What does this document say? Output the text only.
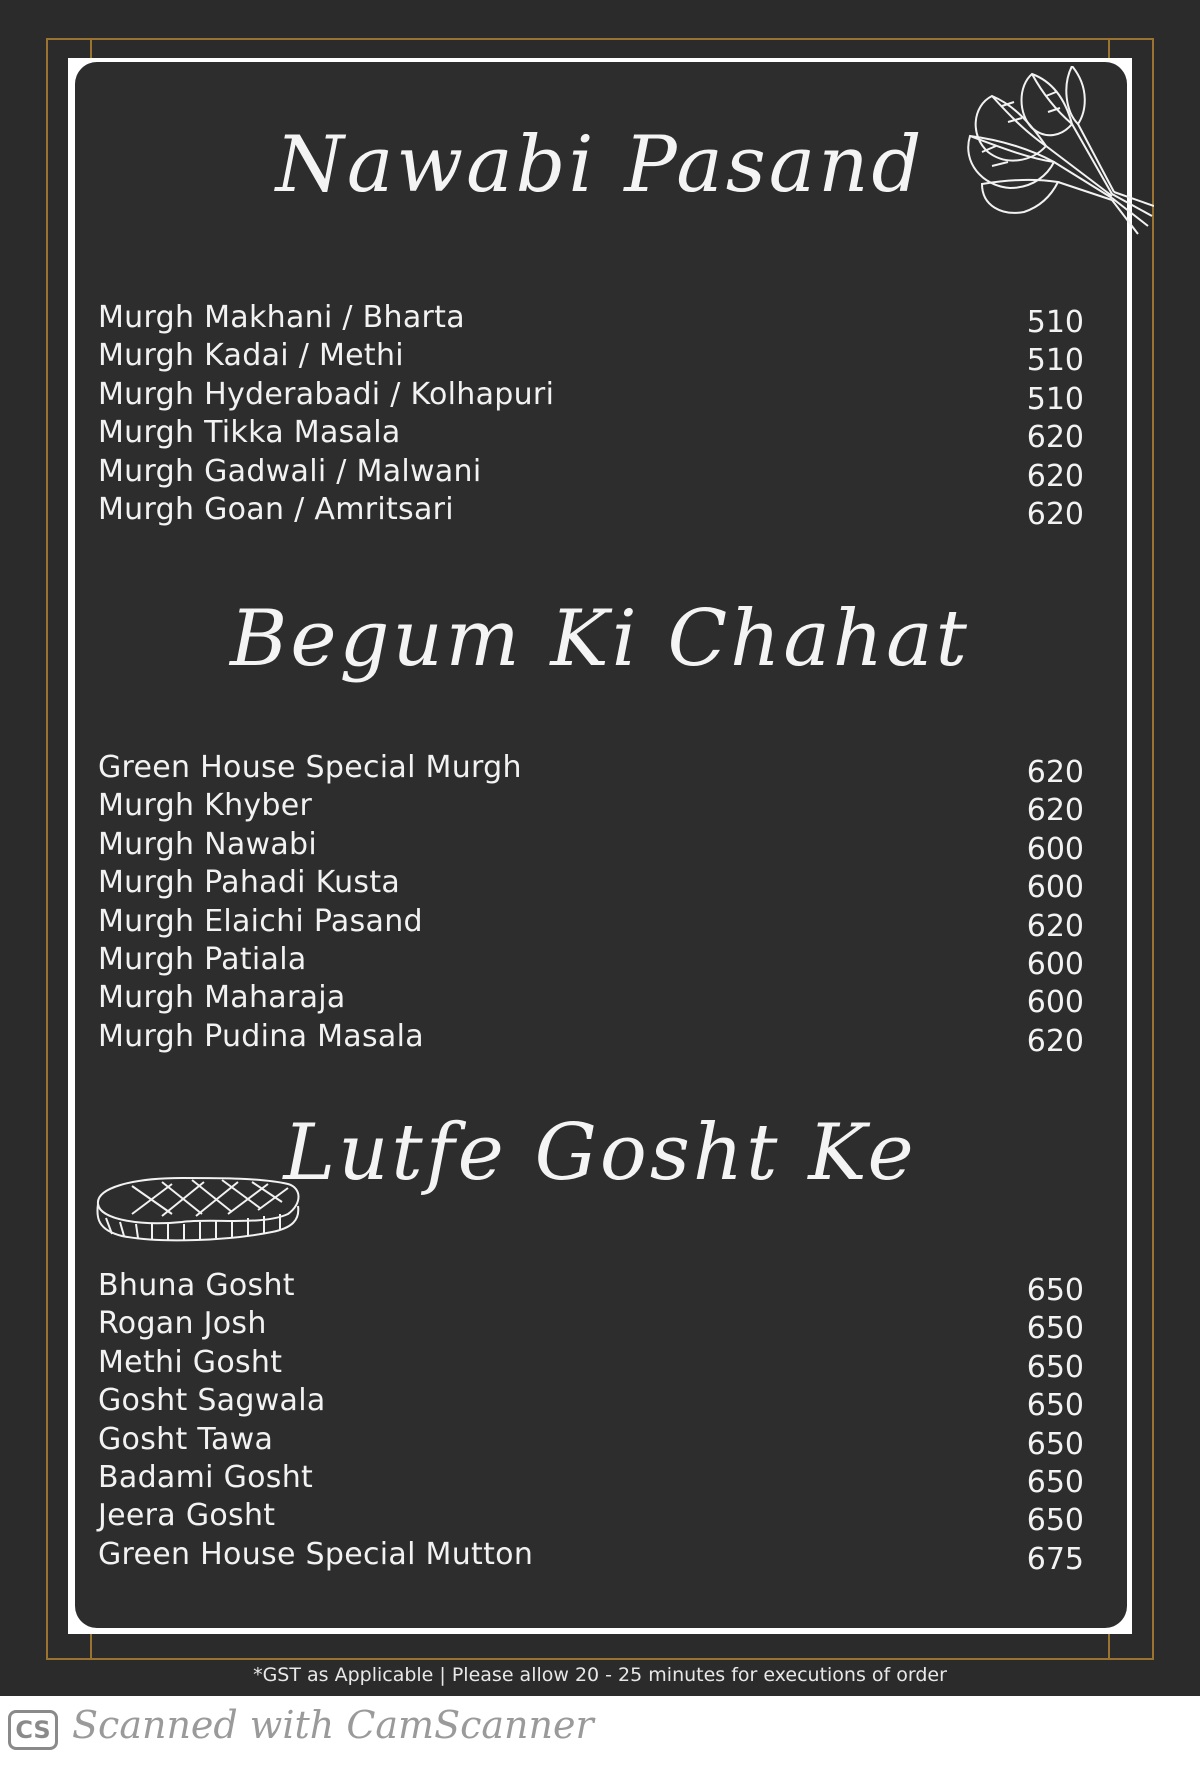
Nawabi Pasand
Murgh Makhani / Bharta	510
Murgh Kadai / Methi	510
Murgh Hyderabadi / Kolhapuri	510
Murgh Tikka Masala	620
Murgh Gadwali / Malwani	620
Murgh Goan / Amritsari	620
Begum Ki Chahat
Green House Special Murgh	620
Murgh Khyber	620
Murgh Nawabi	600
Murgh Pahadi Kusta	600
Murgh Elaichi Pasand	620
Murgh Patiala	600
Murgh Maharaja	600
Murgh Pudina Masala	620
Lutfe Gosht Ke
Bhuna Gosht	650
Rogan Josh	650
Methi Gosht	650
Gosht Sagwala	650
Gosht Tawa	650
Badami Gosht	650
Jeera Gosht	650
Green House Special Mutton	675
*GST as Applicable | Please allow 20 - 25 minutes for executions of order
CS Scanned with CamScanner
